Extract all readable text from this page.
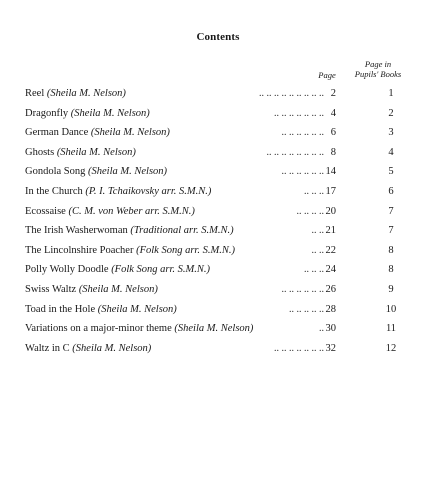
Contents
Page
Page in
Pupils' Books
Reel (Sheila M. Nelson)	.. .. .. .. .. .. .. .. .. 2	1
Dragonfly (Sheila M. Nelson)	.. .. .. .. .. .. .. 4	2
German Dance (Sheila M. Nelson)	.. .. .. .. .. .. 6	3
Ghosts (Sheila M. Nelson)	.. .. .. .. .. .. .. .. 8	4
Gondola Song (Sheila M. Nelson)	.. .. .. .. .. .. 14	5
In the Church (P. I. Tchaikovsky arr. S.M.N.)	.. .. .. 17	6
Ecossaise (C. M. von Weber arr. S.M.N.)	.. .. .. .. 20	7
The Irish Washerwoman (Traditional arr. S.M.N.)	.. .. 21	7
The Lincolnshire Poacher (Folk Song arr. S.M.N.)	.. .. 22	8
Polly Wolly Doodle (Folk Song arr. S.M.N.)	.. .. .. 24	8
Swiss Waltz (Sheila M. Nelson)	.. .. .. .. .. .. 26	9
Toad in the Hole (Sheila M. Nelson)	.. .. .. .. .. 28	10
Variations on a major-minor theme (Sheila M. Nelson)	.. 30	11
Waltz in C (Sheila M. Nelson)	.. .. .. .. .. .. .. 32	12
